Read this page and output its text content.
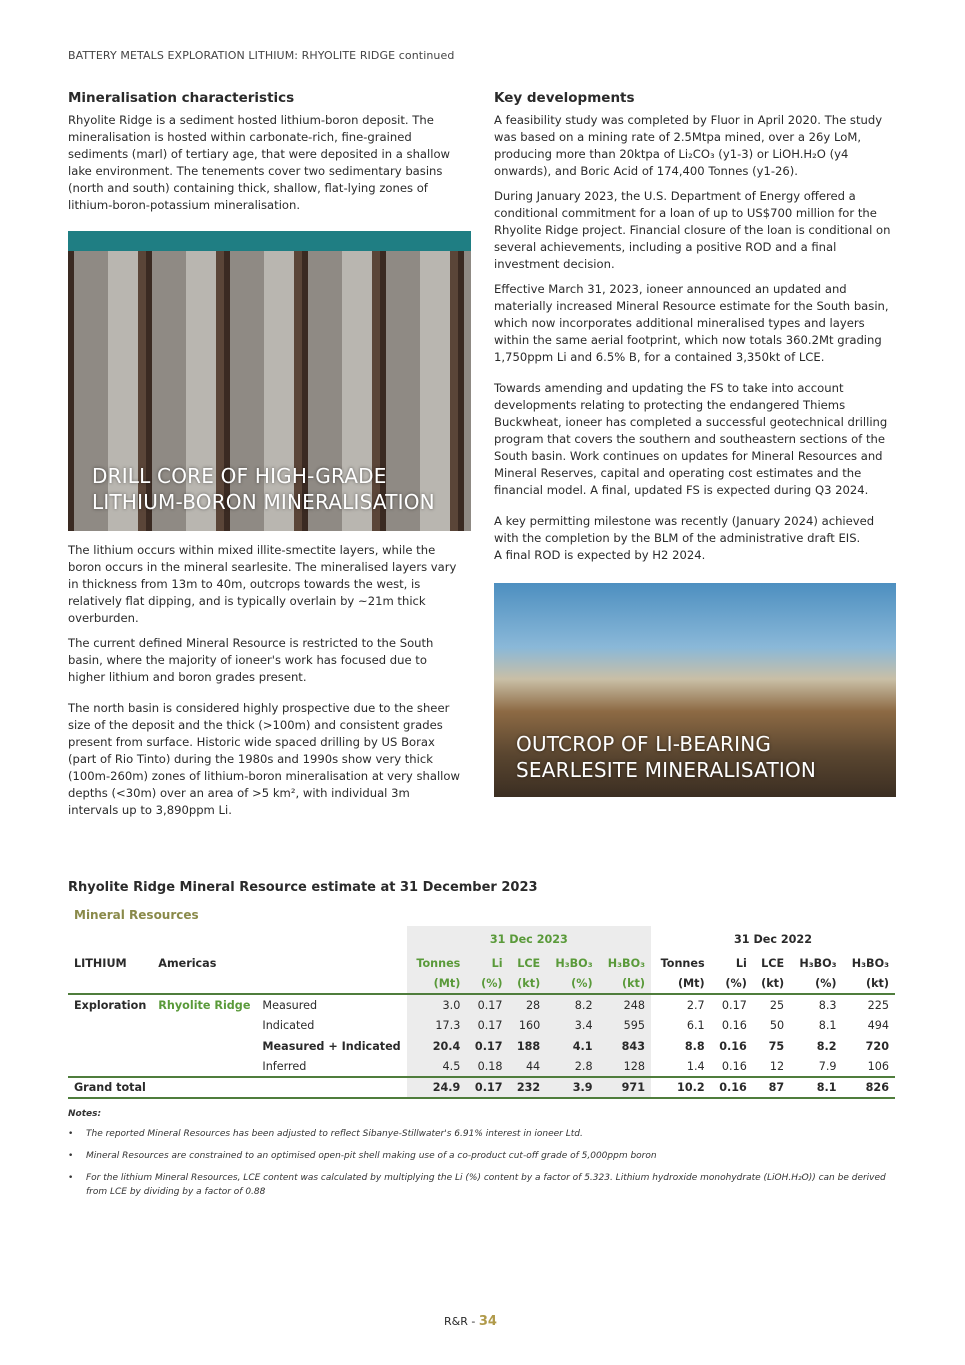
BATTERY METALS EXPLORATION LITHIUM: RHYOLITE RIDGE continued
Mineralisation characteristics

Rhyolite Ridge is a sediment hosted lithium-boron deposit. The mineralisation is hosted within carbonate-rich, fine-grained sediments (marl) of tertiary age, that were deposited in a shallow lake environment. The tenements cover two sedimentary basins (north and south) containing thick, shallow, flat-lying zones of lithium-boron-potassium mineralisation.

DRILL CORE OF HIGH-GRADE
LITHIUM-BORON MINERALISATION

The lithium occurs within mixed illite-smectite layers, while the boron occurs in the mineral searlesite. The mineralised layers vary in thickness from 13m to 40m, outcrops towards the west, is relatively flat dipping, and is typically overlain by ~21m thick overburden.

The current defined Mineral Resource is restricted to the South basin, where the majority of ioneer's work has focused due to higher lithium and boron grades present.

The north basin is considered highly prospective due to the sheer size of the deposit and the thick (>100m) and consistent grades present from surface. Historic wide spaced drilling by US Borax (part of Rio Tinto) during the 1980s and 1990s show very thick (100m-260m) zones of lithium-boron mineralisation at very shallow depths (<30m) over an area of >5 km², with individual 3m intervals up to 3,890ppm Li.

Key developments

A feasibility study was completed by Fluor in April 2020. The study was based on a mining rate of 2.5Mtpa mined, over a 26y LoM, producing more than 20ktpa of Li₂CO₃ (y1-3) or LiOH.H₂O (y4 onwards), and Boric Acid of 174,400 Tonnes (y1-26).

During January 2023, the U.S. Department of Energy offered a conditional commitment for a loan of up to US$700 million for the Rhyolite Ridge project. Financial closure of the loan is conditional on several achievements, including a positive ROD and a final investment decision.

Effective March 31, 2023, ioneer announced an updated and materially increased Mineral Resource estimate for the South basin, which now incorporates additional mineralised types and layers within the same aerial footprint, which now totals 360.2Mt grading 1,750ppm Li and 6.5% B, for a contained 3,350kt of LCE.

Towards amending and updating the FS to take into account developments relating to protecting the endangered Thiems Buckwheat, ioneer has completed a successful geotechnical drilling program that covers the southern and southeastern sections of the South basin. Work continues on updates for Mineral Resources and Mineral Reserves, capital and operating cost estimates and the financial model. A final, updated FS is expected during Q3 2024.

A key permitting milestone was recently (January 2024) achieved with the completion by the BLM of the administrative draft EIS.

A final ROD is expected by H2 2024.

OUTCROP OF LI-BEARING
SEARLESITE MINERALISATION
Rhyolite Ridge Mineral Resource estimate at 31 December 2023
Mineral Resources
			31 Dec 2023					31 Dec 2022				
LITHIUM	Americas		Tonnes	Li	LCE	H₃BO₃	H₃BO₃	Tonnes	Li	LCE	H₃BO₃	H₃BO₃
			(Mt)	(%)	(kt)	(%)	(kt)	(Mt)	(%)	(kt)	(%)	(kt)
Exploration	Rhyolite Ridge	Measured	3.0	0.17	28	8.2	248	2.7	0.17	25	8.3	225
		Indicated	17.3	0.17	160	3.4	595	6.1	0.16	50	8.1	494
		Measured + Indicated	20.4	0.17	188	4.1	843	8.8	0.16	75	8.2	720
		Inferred	4.5	0.18	44	2.8	128	1.4	0.16	12	7.9	106
Grand total			24.9	0.17	232	3.9	971	10.2	0.16	87	8.1	826
Notes:
• The reported Mineral Resources has been adjusted to reflect Sibanye-Stillwater's 6.91% interest in ioneer Ltd.
• Mineral Resources are constrained to an optimised open-pit shell making use of a co-product cut-off grade of 5,000ppm boron
• For the lithium Mineral Resources, LCE content was calculated by multiplying the Li (%) content by a factor of 5.323. Lithium hydroxide monohydrate (LiOH.H₂O)) can be derived from LCE by dividing by a factor of 0.88
R&R - 34
